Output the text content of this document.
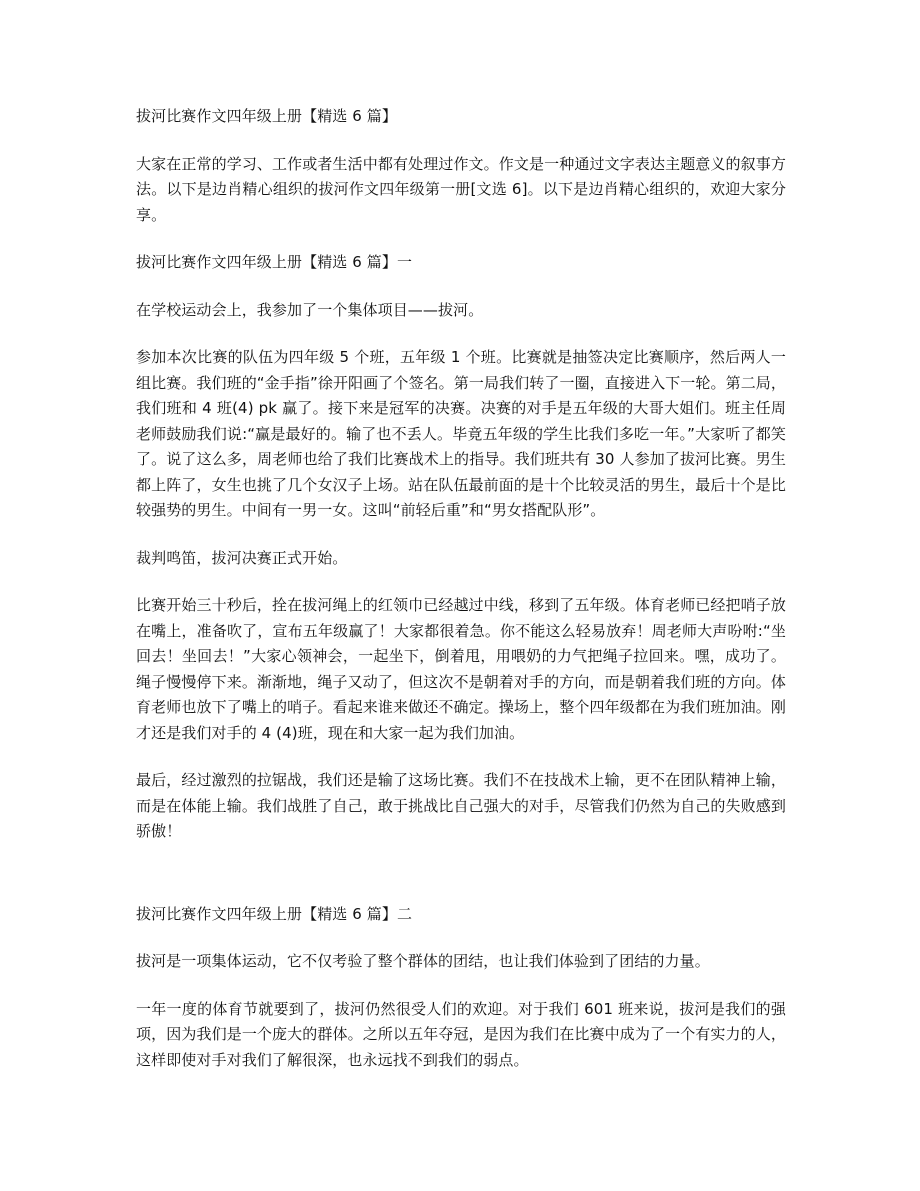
拔河比赛作文四年级上册【精选 6 篇】

大家在正常的学习、工作或者生活中都有处理过作文。作文是一种通过文字表达主题意义的叙事方法。以下是边肖精心组织的拔河作文四年级第一册[文选 6]。以下是边肖精心组织的，欢迎大家分享。

拔河比赛作文四年级上册【精选 6 篇】一

在学校运动会上，我参加了一个集体项目——拔河。

参加本次比赛的队伍为四年级 5 个班，五年级 1 个班。比赛就是抽签决定比赛顺序，然后两人一组比赛。我们班的“金手指”徐开阳画了个签名。第一局我们转了一圈，直接进入下一轮。第二局，我们班和 4 班(4) pk 赢了。接下来是冠军的决赛。决赛的对手是五年级的大哥大姐们。班主任周老师鼓励我们说:“赢是最好的。输了也不丢人。毕竟五年级的学生比我们多吃一年。”大家听了都笑了。说了这么多，周老师也给了我们比赛战术上的指导。我们班共有 30 人参加了拔河比赛。男生都上阵了，女生也挑了几个女汉子上场。站在队伍最前面的是十个比较灵活的男生，最后十个是比较强势的男生。中间有一男一女。这叫“前轻后重”和“男女搭配队形”。

裁判鸣笛，拔河决赛正式开始。

比赛开始三十秒后，拴在拔河绳上的红领巾已经越过中线，移到了五年级。体育老师已经把哨子放在嘴上，准备吹了，宣布五年级赢了！大家都很着急。你不能这么轻易放弃！周老师大声吩咐:“坐回去！坐回去！”大家心领神会，一起坐下，倒着甩，用喂奶的力气把绳子拉回来。嘿，成功了。绳子慢慢停下来。渐渐地，绳子又动了，但这次不是朝着对手的方向，而是朝着我们班的方向。体育老师也放下了嘴上的哨子。看起来谁来做还不确定。操场上，整个四年级都在为我们班加油。刚才还是我们对手的 4 (4)班，现在和大家一起为我们加油。

最后，经过激烈的拉锯战，我们还是输了这场比赛。我们不在技战术上输，更不在团队精神上输，而是在体能上输。我们战胜了自己，敢于挑战比自己强大的对手，尽管我们仍然为自己的失败感到骄傲！

拔河比赛作文四年级上册【精选 6 篇】二

拔河是一项集体运动，它不仅考验了整个群体的团结，也让我们体验到了团结的力量。

一年一度的体育节就要到了，拔河仍然很受人们的欢迎。对于我们 601 班来说，拔河是我们的强项，因为我们是一个庞大的群体。之所以五年夺冠，是因为我们在比赛中成为了一个有实力的人，这样即使对手对我们了解很深，也永远找不到我们的弱点。
